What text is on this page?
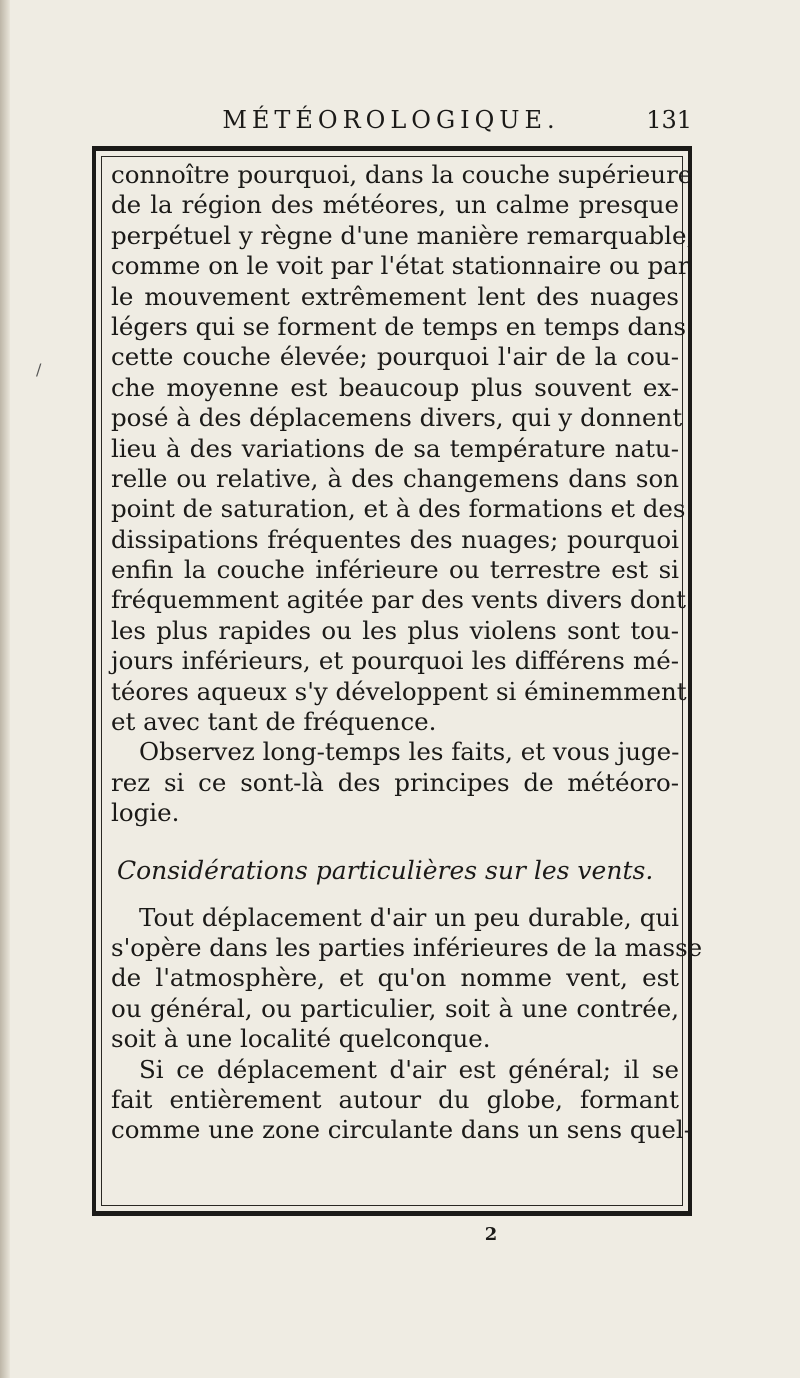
/
MÉTÉOROLOGIQUE.	131
connoître pourquoi, dans la couche supérieure
de la région des météores, un calme presque
perpétuel y règne d'une manière remarquable,
comme on le voit par l'état stationnaire ou par
le mouvement extrêmement lent des nuages
légers qui se forment de temps en temps dans
cette couche élevée; pourquoi l'air de la cou-
che moyenne est beaucoup plus souvent ex-
posé à des déplacemens divers, qui y donnent
lieu à des variations de sa température natu-
relle ou relative, à des changemens dans son
point de saturation, et à des formations et des
dissipations fréquentes des nuages; pourquoi
enfin la couche inférieure ou terrestre est si
fréquemment agitée par des vents divers dont
les plus rapides ou les plus violens sont tou-
jours inférieurs, et pourquoi les différens mé-
téores aqueux s'y développent si éminemment
et avec tant de fréquence.
Observez long-temps les faits, et vous juge-
rez si ce sont-là des principes de météoro-
logie.
Considérations particulières sur les vents.
Tout déplacement d'air un peu durable, qui
s'opère dans les parties inférieures de la masse
de l'atmosphère, et qu'on nomme vent, est
ou général, ou particulier, soit à une contrée,
soit à une localité quelconque.
Si ce déplacement d'air est général; il se
fait entièrement autour du globe, formant
comme une zone circulante dans un sens quel-
2
